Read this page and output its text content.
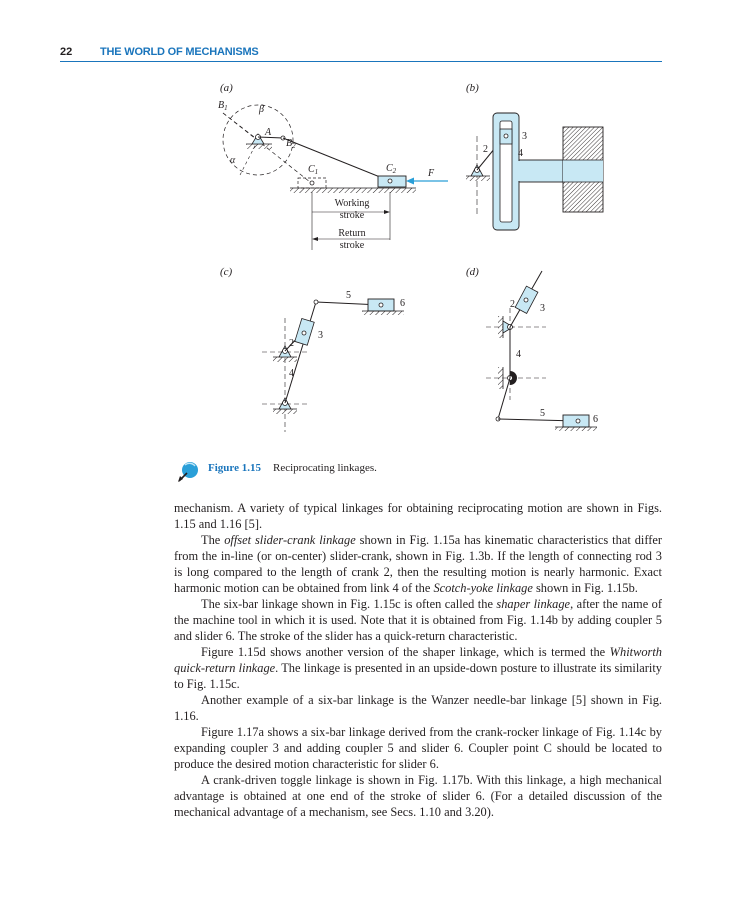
22	THE WORLD OF MECHANISMS
(a)
$B_1$	β
A
$B_2$
α
$C_1$	$C_2$	F
Working
stroke
Return
stroke
(b)
2
3
4
(c)
2
3
4
5
6
(d)
2	3
4
5
6
Figure 1.15 Reciprocating linkages.

mechanism. A variety of typical linkages for obtaining reciprocating motion are shown in Figs. 1.15 and 1.16 [5].

The offset slider-crank linkage shown in Fig. 1.15a has kinematic characteristics that differ from the in-line (or on-center) slider-crank, shown in Fig. 1.3b. If the length of connecting rod 3 is long compared to the length of crank 2, then the resulting motion is nearly harmonic. Exact harmonic motion can be obtained from link 4 of the Scotch-yoke linkage shown in Fig. 1.15b.

The six-bar linkage shown in Fig. 1.15c is often called the shaper linkage, after the name of the machine tool in which it is used. Note that it is obtained from Fig. 1.14b by adding coupler 5 and slider 6. The stroke of the slider has a quick-return characteristic.

Figure 1.15d shows another version of the shaper linkage, which is termed the Whitworth quick-return linkage. The linkage is presented in an upside-down posture to illustrate its similarity to Fig. 1.15c.

Another example of a six-bar linkage is the Wanzer needle-bar linkage [5] shown in Fig. 1.16.

Figure 1.17a shows a six-bar linkage derived from the crank-rocker linkage of Fig. 1.14c by expanding coupler 3 and adding coupler 5 and slider 6. Coupler point C should be located to produce the desired motion characteristic for slider 6.

A crank-driven toggle linkage is shown in Fig. 1.17b. With this linkage, a high mechanical advantage is obtained at one end of the stroke of slider 6. (For a detailed discussion of the mechanical advantage of a mechanism, see Secs. 1.10 and 3.20).
